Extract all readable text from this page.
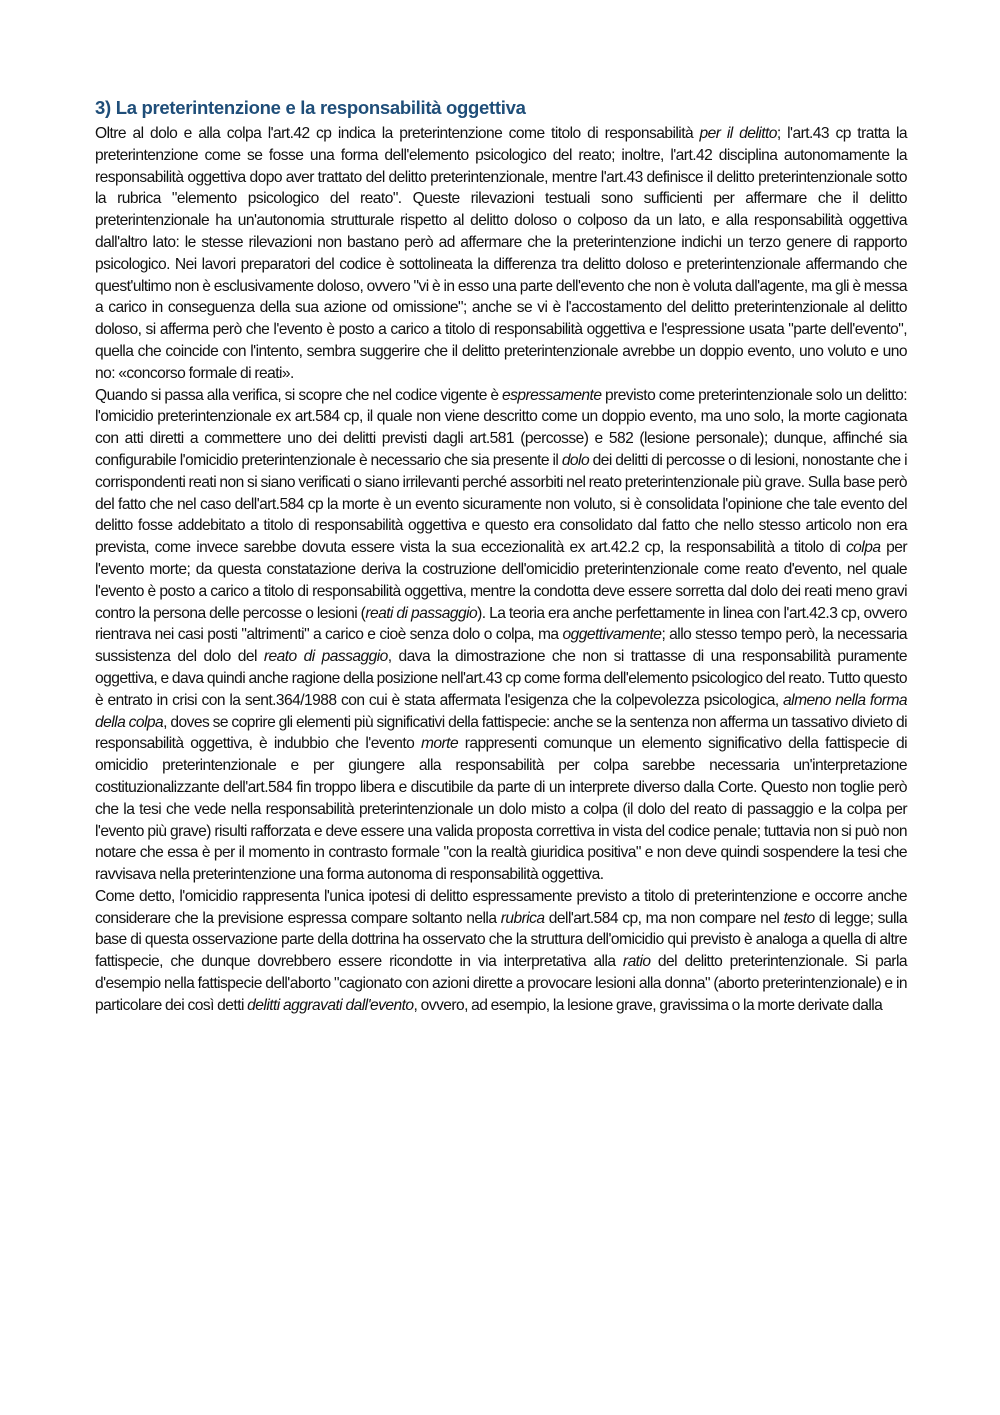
3) La preterintenzione e la responsabilità oggettiva

Oltre al dolo e alla colpa l'art.42 cp indica la preterintenzione come titolo di responsabilità per il delitto; l'art.43 cp tratta la preterintenzione come se fosse una forma dell'elemento psicologico del reato; inoltre, l'art.42 disciplina autonomamente la responsabilità oggettiva dopo aver trattato del delitto preterintenzionale, mentre l'art.43 definisce il delitto preterintenzionale sotto la rubrica "elemento psicologico del reato". Queste rilevazioni testuali sono sufficienti per affermare che il delitto preterintenzionale ha un'autonomia strutturale rispetto al delitto doloso o colposo da un lato, e alla responsabilità oggettiva dall'altro lato: le stesse rilevazioni non bastano però ad affermare che la preterintenzione indichi un terzo genere di rapporto psicologico. Nei lavori preparatori del codice è sottolineata la differenza tra delitto doloso e preterintenzionale affermando che quest'ultimo non è esclusivamente doloso, ovvero "vi è in esso una parte dell'evento che non è voluta dall'agente, ma gli è messa a carico in conseguenza della sua azione od omissione"; anche se vi è l'accostamento del delitto preterintenzionale al delitto doloso, si afferma però che l'evento è posto a carico a titolo di responsabilità oggettiva e l'espressione usata "parte dell'evento", quella che coincide con l'intento, sembra suggerire che il delitto preterintenzionale avrebbe un doppio evento, uno voluto e uno no: «concorso formale di reati».

Quando si passa alla verifica, si scopre che nel codice vigente è espressamente previsto come preterintenzionale solo un delitto: l'omicidio preterintenzionale ex art.584 cp, il quale non viene descritto come un doppio evento, ma uno solo, la morte cagionata con atti diretti a commettere uno dei delitti previsti dagli art.581 (percosse) e 582 (lesione personale); dunque, affinché sia configurabile l'omicidio preterintenzionale è necessario che sia presente il dolo dei delitti di percosse o di lesioni, nonostante che i corrispondenti reati non si siano verificati o siano irrilevanti perché assorbiti nel reato preterintenzionale più grave. Sulla base però del fatto che nel caso dell'art.584 cp la morte è un evento sicuramente non voluto, si è consolidata l'opinione che tale evento del delitto fosse addebitato a titolo di responsabilità oggettiva e questo era consolidato dal fatto che nello stesso articolo non era prevista, come invece sarebbe dovuta essere vista la sua eccezionalità ex art.42.2 cp, la responsabilità a titolo di colpa per l'evento morte; da questa constatazione deriva la costruzione dell'omicidio preterintenzionale come reato d'evento, nel quale l'evento è posto a carico a titolo di responsabilità oggettiva, mentre la condotta deve essere sorretta dal dolo dei reati meno gravi contro la persona delle percosse o lesioni (reati di passaggio). La teoria era anche perfettamente in linea con l'art.42.3 cp, ovvero rientrava nei casi posti "altrimenti" a carico e cioè senza dolo o colpa, ma oggettivamente; allo stesso tempo però, la necessaria sussistenza del dolo del reato di passaggio, dava la dimostrazione che non si trattasse di una responsabilità puramente oggettiva, e dava quindi anche ragione della posizione nell'art.43 cp come forma dell'elemento psicologico del reato. Tutto questo è entrato in crisi con la sent.364/1988 con cui è stata affermata l'esigenza che la colpevolezza psicologica, almeno nella forma della colpa, doves se coprire gli elementi più significativi della fattispecie: anche se la sentenza non afferma un tassativo divieto di responsabilità oggettiva, è indubbio che l'evento morte rappresenti comunque un elemento significativo della fattispecie di omicidio preterintenzionale e per giungere alla responsabilità per colpa sarebbe necessaria un'interpretazione costituzionalizzante dell'art.584 fin troppo libera e discutibile da parte di un interprete diverso dalla Corte. Questo non toglie però che la tesi che vede nella responsabilità preterintenzionale un dolo misto a colpa (il dolo del reato di passaggio e la colpa per l'evento più grave) risulti rafforzata e deve essere una valida proposta correttiva in vista del codice penale; tuttavia non si può non notare che essa è per il momento in contrasto formale "con la realtà giuridica positiva" e non deve quindi sospendere la tesi che ravvisava nella preterintenzione una forma autonoma di responsabilità oggettiva.

Come detto, l'omicidio rappresenta l'unica ipotesi di delitto espressamente previsto a titolo di preterintenzione e occorre anche considerare che la previsione espressa compare soltanto nella rubrica dell'art.584 cp, ma non compare nel testo di legge; sulla base di questa osservazione parte della dottrina ha osservato che la struttura dell'omicidio qui previsto è analoga a quella di altre fattispecie, che dunque dovrebbero essere ricondotte in via interpretativa alla ratio del delitto preterintenzionale. Si parla d'esempio nella fattispecie dell'aborto "cagionato con azioni dirette a provocare lesioni alla donna" (aborto preterintenzionale) e in particolare dei così detti delitti aggravati dall'evento, ovvero, ad esempio, la lesione grave, gravissima o la morte derivate dalla
